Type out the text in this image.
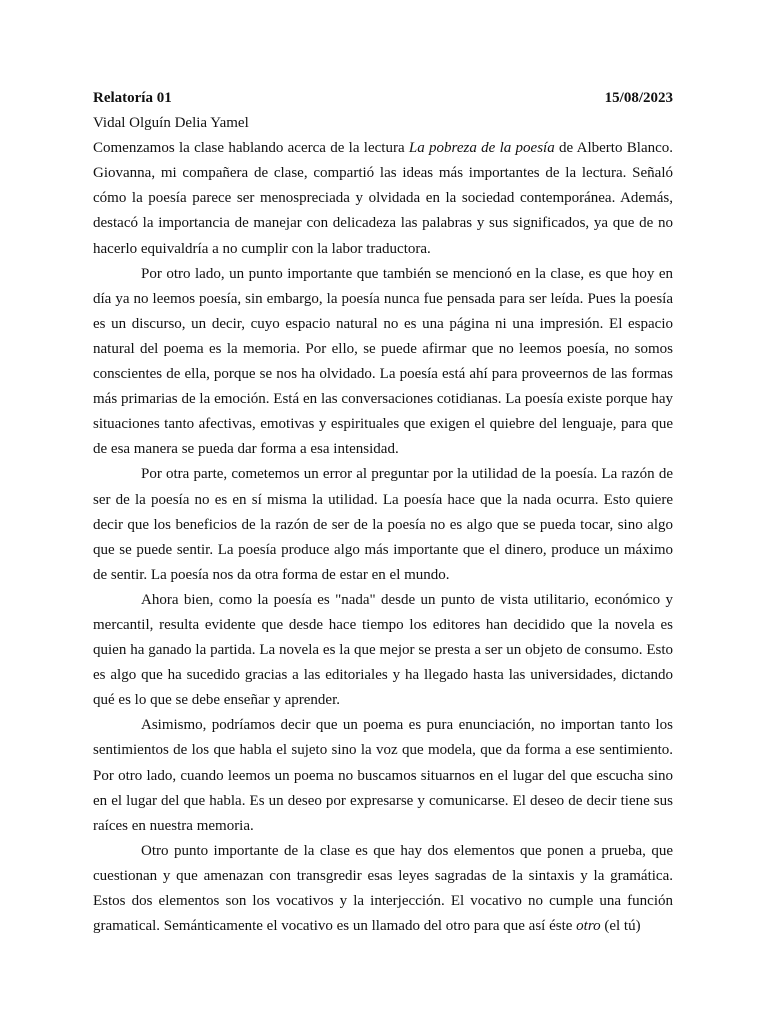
Relatoría 01	15/08/2023
Vidal Olguín Delia Yamel

Comenzamos la clase hablando acerca de la lectura La pobreza de la poesía de Alberto Blanco. Giovanna, mi compañera de clase, compartió las ideas más importantes de la lectura. Señaló cómo la poesía parece ser menospreciada y olvidada en la sociedad contemporánea. Además, destacó la importancia de manejar con delicadeza las palabras y sus significados, ya que de no hacerlo equivaldría a no cumplir con la labor traductora.

Por otro lado, un punto importante que también se mencionó en la clase, es que hoy en día ya no leemos poesía, sin embargo, la poesía nunca fue pensada para ser leída. Pues la poesía es un discurso, un decir, cuyo espacio natural no es una página ni una impresión. El espacio natural del poema es la memoria. Por ello, se puede afirmar que no leemos poesía, no somos conscientes de ella, porque se nos ha olvidado. La poesía está ahí para proveernos de las formas más primarias de la emoción. Está en las conversaciones cotidianas. La poesía existe porque hay situaciones tanto afectivas, emotivas y espirituales que exigen el quiebre del lenguaje, para que de esa manera se pueda dar forma a esa intensidad.

Por otra parte, cometemos un error al preguntar por la utilidad de la poesía. La razón de ser de la poesía no es en sí misma la utilidad. La poesía hace que la nada ocurra. Esto quiere decir que los beneficios de la razón de ser de la poesía no es algo que se pueda tocar, sino algo que se puede sentir. La poesía produce algo más importante que el dinero, produce un máximo de sentir. La poesía nos da otra forma de estar en el mundo.

Ahora bien, como la poesía es "nada" desde un punto de vista utilitario, económico y mercantil, resulta evidente que desde hace tiempo los editores han decidido que la novela es quien ha ganado la partida. La novela es la que mejor se presta a ser un objeto de consumo. Esto es algo que ha sucedido gracias a las editoriales y ha llegado hasta las universidades, dictando qué es lo que se debe enseñar y aprender.

Asimismo, podríamos decir que un poema es pura enunciación, no importan tanto los sentimientos de los que habla el sujeto sino la voz que modela, que da forma a ese sentimiento. Por otro lado, cuando leemos un poema no buscamos situarnos en el lugar del que escucha sino en el lugar del que habla. Es un deseo por expresarse y comunicarse. El deseo de decir tiene sus raíces en nuestra memoria.

Otro punto importante de la clase es que hay dos elementos que ponen a prueba, que cuestionan y que amenazan con transgredir esas leyes sagradas de la sintaxis y la gramática. Estos dos elementos son los vocativos y la interjección. El vocativo no cumple una función gramatical. Semánticamente el vocativo es un llamado del otro para que así éste otro (el tú)
